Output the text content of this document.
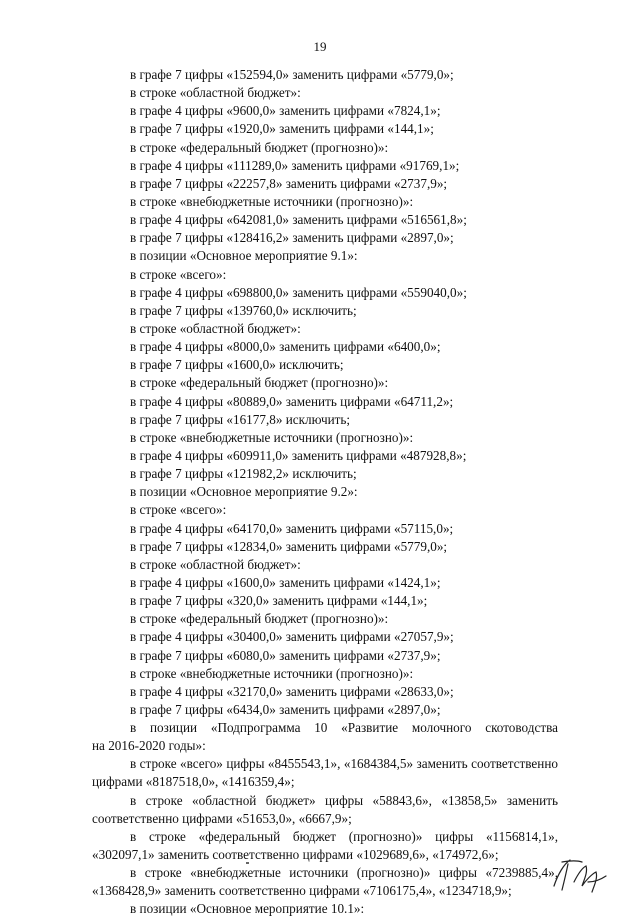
19
в графе 7 цифры «152594,0» заменить цифрами «5779,0»;
в строке «областной бюджет»:
в графе 4 цифры «9600,0» заменить цифрами «7824,1»;
в графе 7 цифры «1920,0» заменить цифрами «144,1»;
в строке «федеральный бюджет (прогнозно)»:
в графе 4 цифры «111289,0» заменить цифрами «91769,1»;
в графе 7 цифры «22257,8» заменить цифрами «2737,9»;
в строке «внебюджетные источники (прогнозно)»:
в графе 4 цифры «642081,0» заменить цифрами «516561,8»;
в графе 7 цифры «128416,2» заменить цифрами «2897,0»;
в позиции «Основное мероприятие 9.1»:
в строке «всего»:
в графе 4 цифры «698800,0» заменить цифрами «559040,0»;
в графе 7 цифры «139760,0» исключить;
в строке «областной бюджет»:
в графе 4 цифры «8000,0» заменить цифрами «6400,0»;
в графе 7 цифры «1600,0» исключить;
в строке «федеральный бюджет (прогнозно)»:
в графе 4 цифры «80889,0» заменить цифрами «64711,2»;
в графе 7 цифры «16177,8» исключить;
в строке «внебюджетные источники (прогнозно)»:
в графе 4 цифры «609911,0» заменить цифрами «487928,8»;
в графе 7 цифры «121982,2» исключить;
в позиции «Основное мероприятие 9.2»:
в строке «всего»:
в графе 4 цифры «64170,0» заменить цифрами «57115,0»;
в графе 7 цифры «12834,0» заменить цифрами «5779,0»;
в строке «областной бюджет»:
в графе 4 цифры «1600,0» заменить цифрами «1424,1»;
в графе 7 цифры «320,0» заменить цифрами «144,1»;
в строке «федеральный бюджет (прогнозно)»:
в графе 4 цифры «30400,0» заменить цифрами «27057,9»;
в графе 7 цифры «6080,0» заменить цифрами «2737,9»;
в строке «внебюджетные источники (прогнозно)»:
в графе 4 цифры «32170,0» заменить цифрами «28633,0»;
в графе 7 цифры «6434,0» заменить цифрами «2897,0»;
в позиции «Подпрограмма 10 «Развитие молочного скотоводства
на 2016-2020 годы»:
в строке «всего» цифры «8455543,1», «1684384,5» заменить соответственно
цифрами «8187518,0», «1416359,4»;
в строке «областной бюджет» цифры «58843,6», «13858,5» заменить
соответственно цифрами «51653,0», «6667,9»;
в строке «федеральный бюджет (прогнозно)» цифры «1156814,1»,
«302097,1» заменить соответственно цифрами «1029689,6», «174972,6»;
в строке «внебюджетные источники (прогнозно)» цифры «7239885,4»,
«1368428,9» заменить соответственно цифрами «7106175,4», «1234718,9»;
в позиции «Основное мероприятие 10.1»:
